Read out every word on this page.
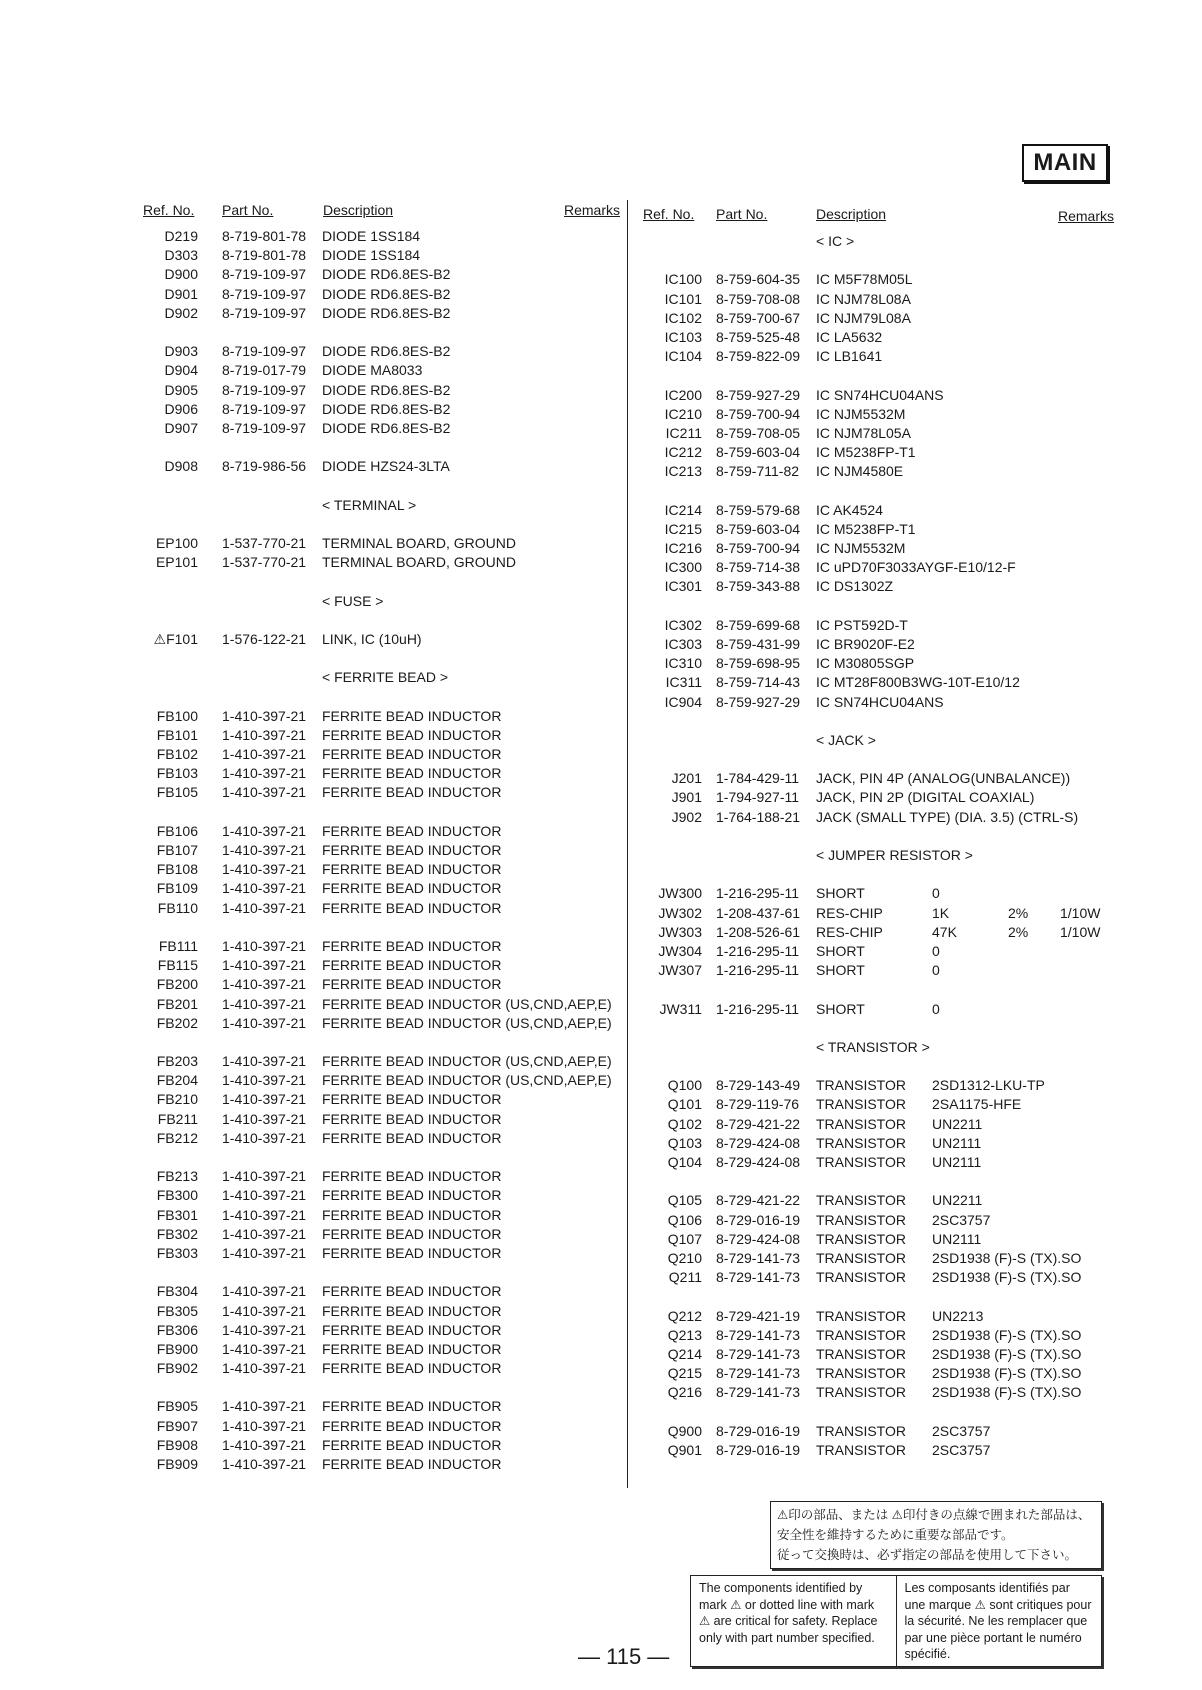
MAIN
Ref. No. Part No.	Description	Remarks Ref. No. Part No.	Description	Remarks
D219 8-719-801-78 DIODE 1SS184
D303 8-719-801-78 DIODE 1SS184
D900 8-719-109-97 DIODE RD6.8ES-B2
D901 8-719-109-97 DIODE RD6.8ES-B2
D902 8-719-109-97 DIODE RD6.8ES-B2
D903 8-719-109-97 DIODE RD6.8ES-B2
D904 8-719-017-79 DIODE MA8033
D905 8-719-109-97 DIODE RD6.8ES-B2
D906 8-719-109-97 DIODE RD6.8ES-B2
D907 8-719-109-97 DIODE RD6.8ES-B2
D908 8-719-986-56 DIODE HZS24-3LTA
< TERMINAL >
EP100 1-537-770-21 TERMINAL BOARD, GROUND
EP101 1-537-770-21 TERMINAL BOARD, GROUND
< FUSE >
⚠F101 1-576-122-21 LINK, IC (10uH)
< FERRITE BEAD >
FB100 1-410-397-21 FERRITE BEAD INDUCTOR
FB101 1-410-397-21 FERRITE BEAD INDUCTOR
FB102 1-410-397-21 FERRITE BEAD INDUCTOR
FB103 1-410-397-21 FERRITE BEAD INDUCTOR
FB105 1-410-397-21 FERRITE BEAD INDUCTOR
FB106 1-410-397-21 FERRITE BEAD INDUCTOR
FB107 1-410-397-21 FERRITE BEAD INDUCTOR
FB108 1-410-397-21 FERRITE BEAD INDUCTOR
FB109 1-410-397-21 FERRITE BEAD INDUCTOR
FB110 1-410-397-21 FERRITE BEAD INDUCTOR
FB111 1-410-397-21 FERRITE BEAD INDUCTOR
FB115 1-410-397-21 FERRITE BEAD INDUCTOR
FB200 1-410-397-21 FERRITE BEAD INDUCTOR
FB201 1-410-397-21 FERRITE BEAD INDUCTOR (US,CND,AEP,E)
FB202 1-410-397-21 FERRITE BEAD INDUCTOR (US,CND,AEP,E)
FB203 1-410-397-21 FERRITE BEAD INDUCTOR (US,CND,AEP,E)
FB204 1-410-397-21 FERRITE BEAD INDUCTOR (US,CND,AEP,E)
FB210 1-410-397-21 FERRITE BEAD INDUCTOR
FB211 1-410-397-21 FERRITE BEAD INDUCTOR
FB212 1-410-397-21 FERRITE BEAD INDUCTOR
FB213 1-410-397-21 FERRITE BEAD INDUCTOR
FB300 1-410-397-21 FERRITE BEAD INDUCTOR
FB301 1-410-397-21 FERRITE BEAD INDUCTOR
FB302 1-410-397-21 FERRITE BEAD INDUCTOR
FB303 1-410-397-21 FERRITE BEAD INDUCTOR
FB304 1-410-397-21 FERRITE BEAD INDUCTOR
FB305 1-410-397-21 FERRITE BEAD INDUCTOR
FB306 1-410-397-21 FERRITE BEAD INDUCTOR
FB900 1-410-397-21 FERRITE BEAD INDUCTOR
FB902 1-410-397-21 FERRITE BEAD INDUCTOR
FB905 1-410-397-21 FERRITE BEAD INDUCTOR
FB907 1-410-397-21 FERRITE BEAD INDUCTOR
FB908 1-410-397-21 FERRITE BEAD INDUCTOR
FB909 1-410-397-21 FERRITE BEAD INDUCTOR
< IC >
IC100 8-759-604-35 IC M5F78M05L
IC101 8-759-708-08 IC NJM78L08A
IC102 8-759-700-67 IC NJM79L08A
IC103 8-759-525-48 IC LA5632
IC104 8-759-822-09 IC LB1641
IC200 8-759-927-29 IC SN74HCU04ANS
IC210 8-759-700-94 IC NJM5532M
IC211 8-759-708-05 IC NJM78L05A
IC212 8-759-603-04 IC M5238FP-T1
IC213 8-759-711-82 IC NJM4580E
IC214 8-759-579-68 IC AK4524
IC215 8-759-603-04 IC M5238FP-T1
IC216 8-759-700-94 IC NJM5532M
IC300 8-759-714-38 IC uPD70F3033AYGF-E10/12-F
IC301 8-759-343-88 IC DS1302Z
IC302 8-759-699-68 IC PST592D-T
IC303 8-759-431-99 IC BR9020F-E2
IC310 8-759-698-95 IC M30805SGP
IC311 8-759-714-43 IC MT28F800B3WG-10T-E10/12
IC904 8-759-927-29 IC SN74HCU04ANS
< JACK >
J201 1-784-429-11 JACK, PIN 4P (ANALOG(UNBALANCE))
J901 1-794-927-11 JACK, PIN 2P (DIGITAL COAXIAL)
J902 1-764-188-21 JACK (SMALL TYPE) (DIA. 3.5) (CTRL-S)
< JUMPER RESISTOR >
JW300 1-216-295-11 SHORT	0
JW302 1-208-437-61 RES-CHIP	1K	2% 1/10W
JW303 1-208-526-61 RES-CHIP	47K	2% 1/10W
JW304 1-216-295-11 SHORT	0
JW307 1-216-295-11 SHORT	0
JW311 1-216-295-11 SHORT	0
< TRANSISTOR >
Q100 8-729-143-49 TRANSISTOR 2SD1312-LKU-TP
Q101 8-729-119-76 TRANSISTOR 2SA1175-HFE
Q102 8-729-421-22 TRANSISTOR UN2211
Q103 8-729-424-08 TRANSISTOR UN2111
Q104 8-729-424-08 TRANSISTOR UN2111
Q105 8-729-421-22 TRANSISTOR UN2211
Q106 8-729-016-19 TRANSISTOR 2SC3757
Q107 8-729-424-08 TRANSISTOR UN2111
Q210 8-729-141-73 TRANSISTOR 2SD1938 (F)-S (TX).SO
Q211 8-729-141-73 TRANSISTOR 2SD1938 (F)-S (TX).SO
Q212 8-729-421-19 TRANSISTOR UN2213
Q213 8-729-141-73 TRANSISTOR 2SD1938 (F)-S (TX).SO
Q214 8-729-141-73 TRANSISTOR 2SD1938 (F)-S (TX).SO
Q215 8-729-141-73 TRANSISTOR 2SD1938 (F)-S (TX).SO
Q216 8-729-141-73 TRANSISTOR 2SD1938 (F)-S (TX).SO
Q900 8-729-016-19 TRANSISTOR 2SC3757
Q901 8-729-016-19 TRANSISTOR 2SC3757
⚠印の部品、または ⚠印付きの点線で囲まれた部品は、
安全性を維持するために重要な部品です。
従って交換時は、必ず指定の部品を使用して下さい。
The components identified by mark ⚠ or dotted line with mark ⚠ are critical for safety. Replace only with part number specified.
Les composants identifiés par une marque ⚠ sont critiques pour la sécurité. Ne les remplacer que par une pièce portant le numéro spécifié.
— 115 —
